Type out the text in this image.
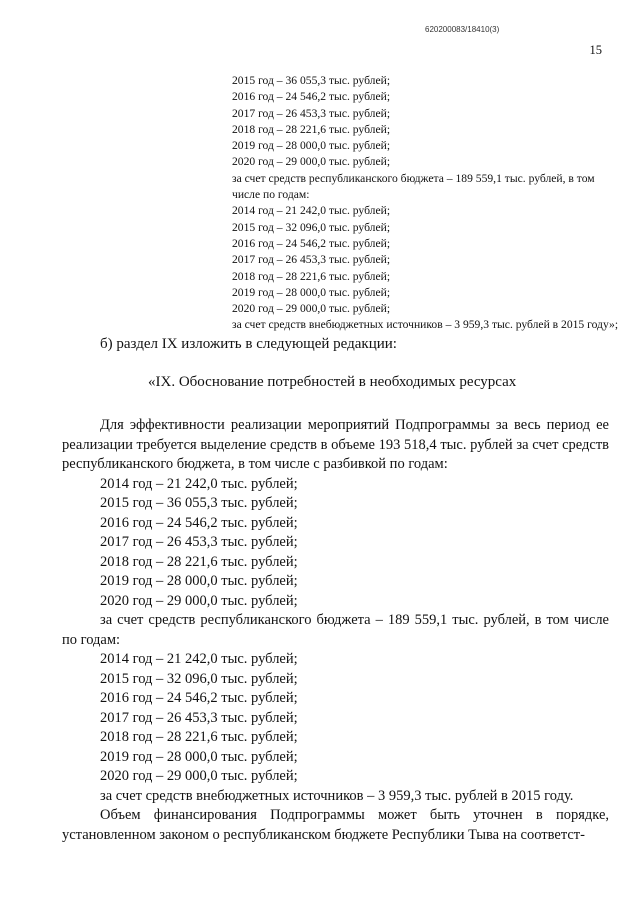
620200083/18410(3)
15
2015 год – 36 055,3 тыс. рублей;
2016 год – 24 546,2 тыс. рублей;
2017 год – 26 453,3 тыс. рублей;
2018 год – 28 221,6 тыс. рублей;
2019 год – 28 000,0 тыс. рублей;
2020 год – 29 000,0 тыс. рублей;
за счет средств республиканского бюджета – 189 559,1 тыс. рублей, в том числе по годам:
2014 год – 21 242,0 тыс. рублей;
2015 год – 32 096,0 тыс. рублей;
2016 год – 24 546,2 тыс. рублей;
2017 год – 26 453,3 тыс. рублей;
2018 год – 28 221,6 тыс. рублей;
2019 год – 28 000,0 тыс. рублей;
2020 год – 29 000,0 тыс. рублей;
за счет средств внебюджетных источников – 3 959,3 тыс. рублей в 2015 году»;
б) раздел IX изложить в следующей редакции:
«IX. Обоснование потребностей в необходимых ресурсах

Для эффективности реализации мероприятий Подпрограммы за весь период ее реализации требуется выделение средств в объеме 193 518,4 тыс. рублей за счет средств республиканского бюджета, в том числе с разбивкой по годам:

2014 год – 21 242,0 тыс. рублей;

2015 год – 36 055,3 тыс. рублей;

2016 год – 24 546,2 тыс. рублей;

2017 год – 26 453,3 тыс. рублей;

2018 год – 28 221,6 тыс. рублей;

2019 год – 28 000,0 тыс. рублей;

2020 год – 29 000,0 тыс. рублей;

за счет средств республиканского бюджета – 189 559,1 тыс. рублей, в том числе по годам:

2014 год – 21 242,0 тыс. рублей;

2015 год – 32 096,0 тыс. рублей;

2016 год – 24 546,2 тыс. рублей;

2017 год – 26 453,3 тыс. рублей;

2018 год – 28 221,6 тыс. рублей;

2019 год – 28 000,0 тыс. рублей;

2020 год – 29 000,0 тыс. рублей;

за счет средств внебюджетных источников – 3 959,3 тыс. рублей в 2015 году.

Объем финансирования Подпрограммы может быть уточнен в порядке, установленном законом о республиканском бюджете Республики Тыва на соответст-
